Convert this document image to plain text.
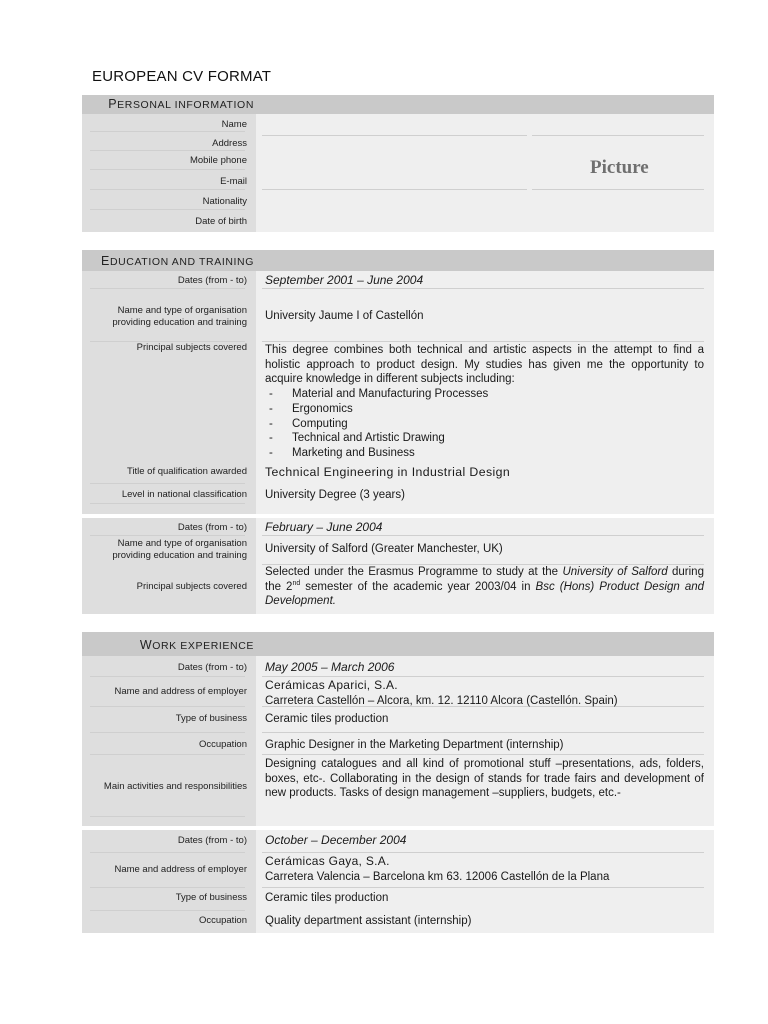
EUROPEAN CV FORMAT
PERSONAL INFORMATION
Name
Address
Mobile phone
E-mail
Nationality
Date of birth
Picture
EDUCATION AND TRAINING
Dates (from - to) September 2001 – June 2004
Name and type of organisation
providing education and training University Jaume I of Castellón
Principal subjects covered This degree combines both technical and artistic aspects in the attempt to find a holistic approach to product design. My studies has given me the opportunity to acquire knowledge in different subjects including:
- Material and Manufacturing Processes
- Ergonomics
- Computing
- Technical and Artistic Drawing
- Marketing and Business
Title of qualification awarded Technical Engineering in Industrial Design
Level in national classification University Degree (3 years)
Dates (from - to) February – June 2004
Name and type of organisation
providing education and training University of Salford (Greater Manchester, UK)
Principal subjects covered
Selected under the Erasmus Programme to study at the University of Salford during the 2nd semester of the academic year 2003/04 in Bsc (Hons) Product Design and Development.
WORK EXPERIENCE
Dates (from - to) May 2005 – March 2006
Name and address of employer Cerámicas Aparici, S.A.
Carretera Castellón – Alcora, km. 12. 12110 Alcora (Castellón. Spain)
Type of business Ceramic tiles production
Occupation Graphic Designer in the Marketing Department (internship)
Main activities and responsibilities
Designing catalogues and all kind of promotional stuff –presentations, ads, folders, boxes, etc-. Collaborating in the design of stands for trade fairs and development of new products. Tasks of design management –suppliers, budgets, etc.-
Dates (from - to) October – December 2004
Name and address of employer
Cerámicas Gaya, S.A.
Carretera Valencia – Barcelona km 63. 12006 Castellón de la Plana
Type of business Ceramic tiles production
Occupation Quality department assistant (internship)
